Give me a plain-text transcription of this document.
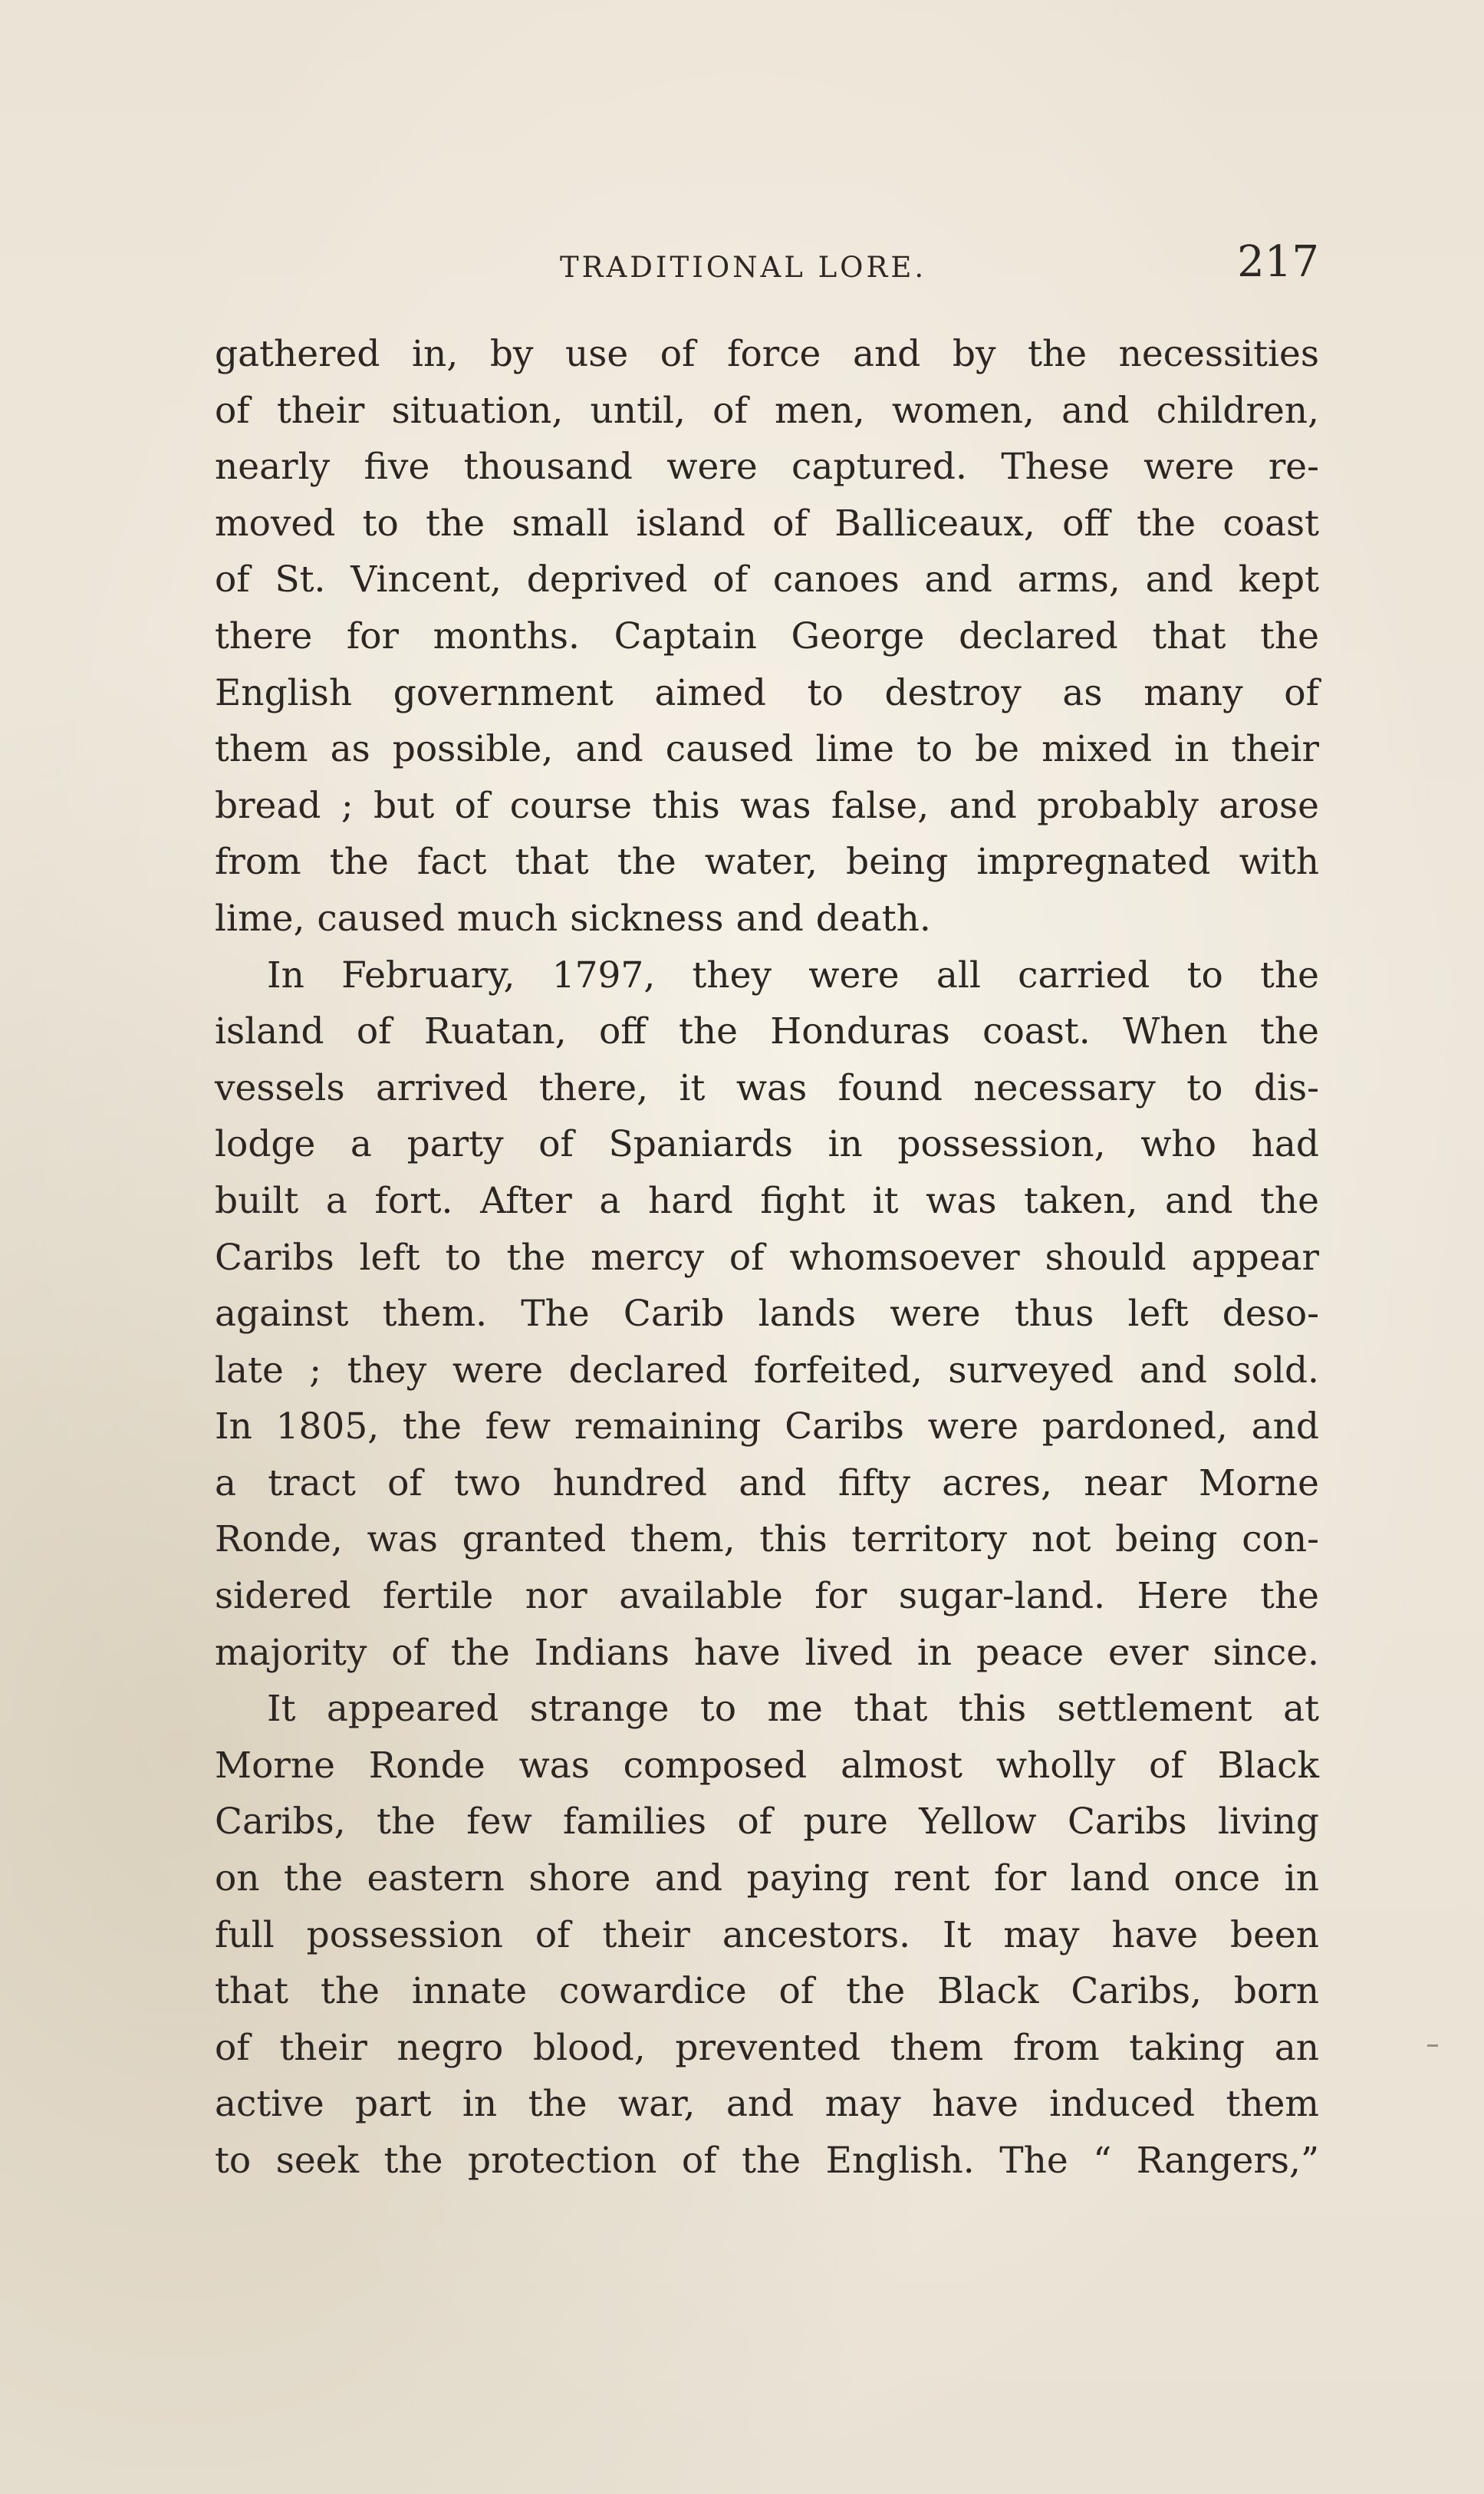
TRADITIONAL LORE.	217
gathered in, by use of force and by the necessities
of their situation, until, of men, women, and children,
nearly five thousand were captured. These were re-
moved to the small island of Balliceaux, off the coast
of St. Vincent, deprived of canoes and arms, and kept
there for months. Captain George declared that the
English government aimed to destroy as many of
them as possible, and caused lime to be mixed in their
bread ; but of course this was false, and probably arose
from the fact that the water, being impregnated with
lime, caused much sickness and death.
In February, 1797, they were all carried to the
island of Ruatan, off the Honduras coast. When the
vessels arrived there, it was found necessary to dis-
lodge a party of Spaniards in possession, who had
built a fort. After a hard fight it was taken, and the
Caribs left to the mercy of whomsoever should appear
against them. The Carib lands were thus left deso-
late ; they were declared forfeited, surveyed and sold.
In 1805, the few remaining Caribs were pardoned, and
a tract of two hundred and fifty acres, near Morne
Ronde, was granted them, this territory not being con-
sidered fertile nor available for sugar-land. Here the
majority of the Indians have lived in peace ever since.
It appeared strange to me that this settlement at
Morne Ronde was composed almost wholly of Black
Caribs, the few families of pure Yellow Caribs living
on the eastern shore and paying rent for land once in
full possession of their ancestors. It may have been
that the innate cowardice of the Black Caribs, born
of their negro blood, prevented them from taking an
active part in the war, and may have induced them
to seek the protection of the English. The “ Rangers,”
